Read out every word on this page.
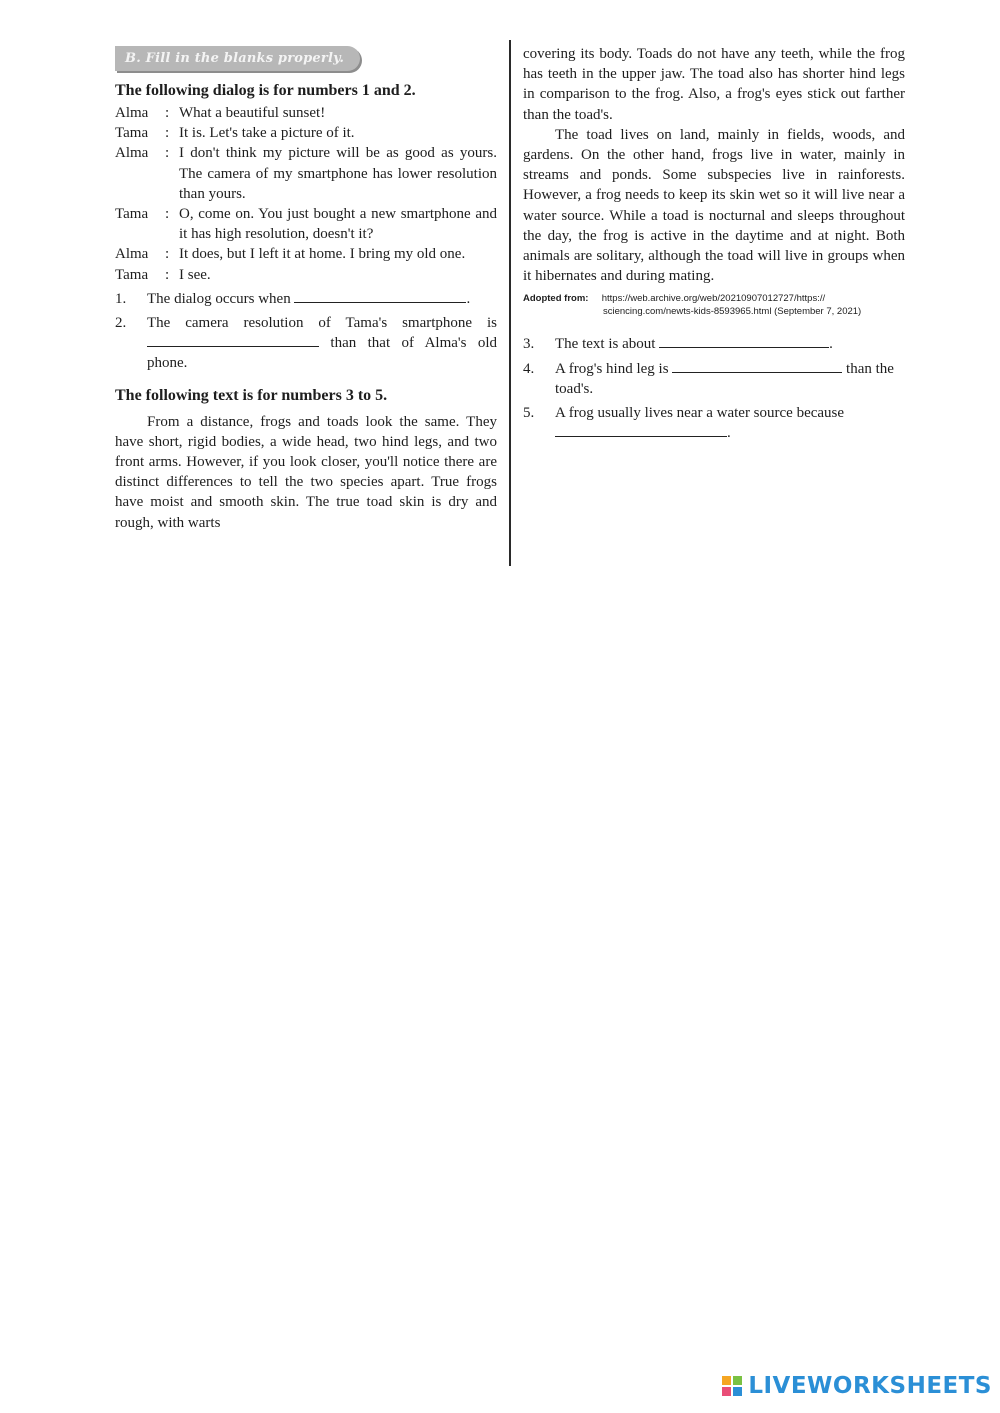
B. Fill in the blanks properly.
The following dialog is for numbers 1 and 2.
Alma	: What a beautiful sunset!
Tama	: It is. Let's take a picture of it.
Alma	: I don't think my picture will be as good as yours. The camera of my smartphone has lower resolution than yours.
Tama	: O, come on. You just bought a new smartphone and it has high resolution, doesn't it?
Alma	: It does, but I left it at home. I bring my old one.
Tama	: I see.
1.	The dialog occurs when	.
2.	The camera resolution of Tama's smartphone is  than that of Alma's old phone.
The following text is for numbers 3 to 5.

From a distance, frogs and toads look the same. They have short, rigid bodies, a wide head, two hind legs, and two front arms. However, if you look closer, you'll notice there are distinct differences to tell the two species apart. True frogs have moist and smooth skin. The true toad skin is dry and rough, with warts

covering its body. Toads do not have any teeth, while the frog has teeth in the upper jaw. The toad also has shorter hind legs in comparison to the frog. Also, a frog's eyes stick out farther than the toad's.

The toad lives on land, mainly in fields, woods, and gardens. On the other hand, frogs live in water, mainly in streams and ponds. Some subspecies live in rainforests. However, a frog needs to keep its skin wet so it will live near a water source. While a toad is nocturnal and sleeps throughout the day, the frog is active in the daytime and at night. Both animals are solitary, although the toad will live in groups when it hibernates and during mating.

Adopted from: https://web.archive.org/web/20210907012727/https://
sciencing.com/newts-kids-8593965.html (September 7, 2021)
3.	The text is about	.
4.	A frog's hind leg is	than the toad's.
5.	A frog usually lives near a water source because
.
LIVEWORKSHEETS
